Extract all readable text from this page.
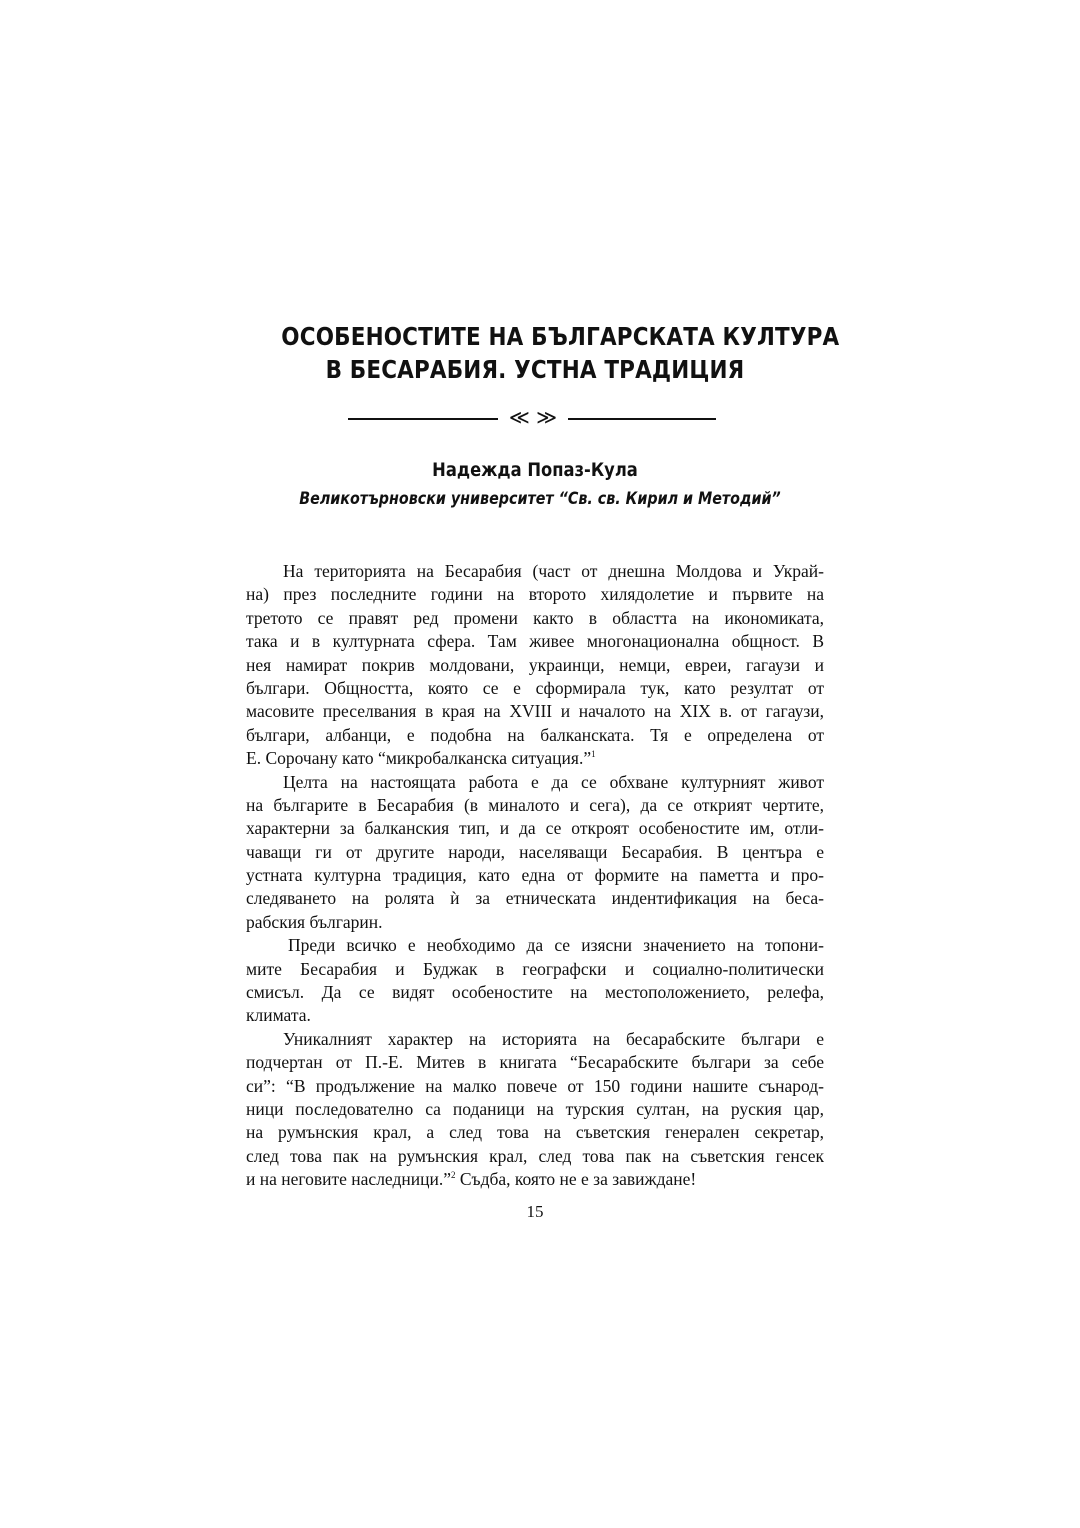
ОСОБЕНОСТИТЕ НА БЪЛГАРСКАТА КУЛТУРА
В БЕСАРАБИЯ. УСТНА ТРАДИЦИЯ
≪ ≫
Надежда Попаз-Кула
Великотърновски университет “Св. св. Кирил и Методий”

На територията на Бесарабия (част от днешна Молдова и Украй-
на) през последните години на второто хилядолетие и първите на
третото се правят ред промени както в областта на икономиката,
така и в културната сфера. Там живее многонационална общност. В
нея намират покрив молдовани, украинци, немци, евреи, гагаузи и
българи. Общността, която се е сформирала тук, като резултат от
масовите преселвания в края на XVIII и началото на XIX в. от гагаузи,
българи, албанци, е подобна на балканската. Тя е определена от
Е. Сорочану като “микробалканска ситуация.”$^1$

Целта на настоящата работа е да се обхване културният живот
на българите в Бесарабия (в миналото и сега), да се открият чертите,
характерни за балканския тип, и да се откроят особеностите им, отли-
чаващи ги от другите народи, населяващи Бесарабия. В центъра е
устната културна традиция, като една от формите на паметта и про-
следяването на ролята ѝ за етническата индентификация на беса-
рабския българин.

Преди всичко е необходимо да се изясни значението на топони-
мите Бесарабия и Буджак в географски и социално-политически
смисъл. Да се видят особеностите на местоположението, релефа,
климата.

Уникалният характер на историята на бесарабските българи е
подчертан от П.-Е. Митев в книгата “Бесарабските българи за себе
си”: “В продължение на малко повече от 150 години нашите сънарод-
ници последователно са поданици на турския султан, на руския цар,
на румънския крал, а след това на съветския генерален секретар,
след това пак на румънския крал, след това пак на съветския генсек
и на неговите наследници.”$^2$ Съдба, която не е за завиждане!

15
